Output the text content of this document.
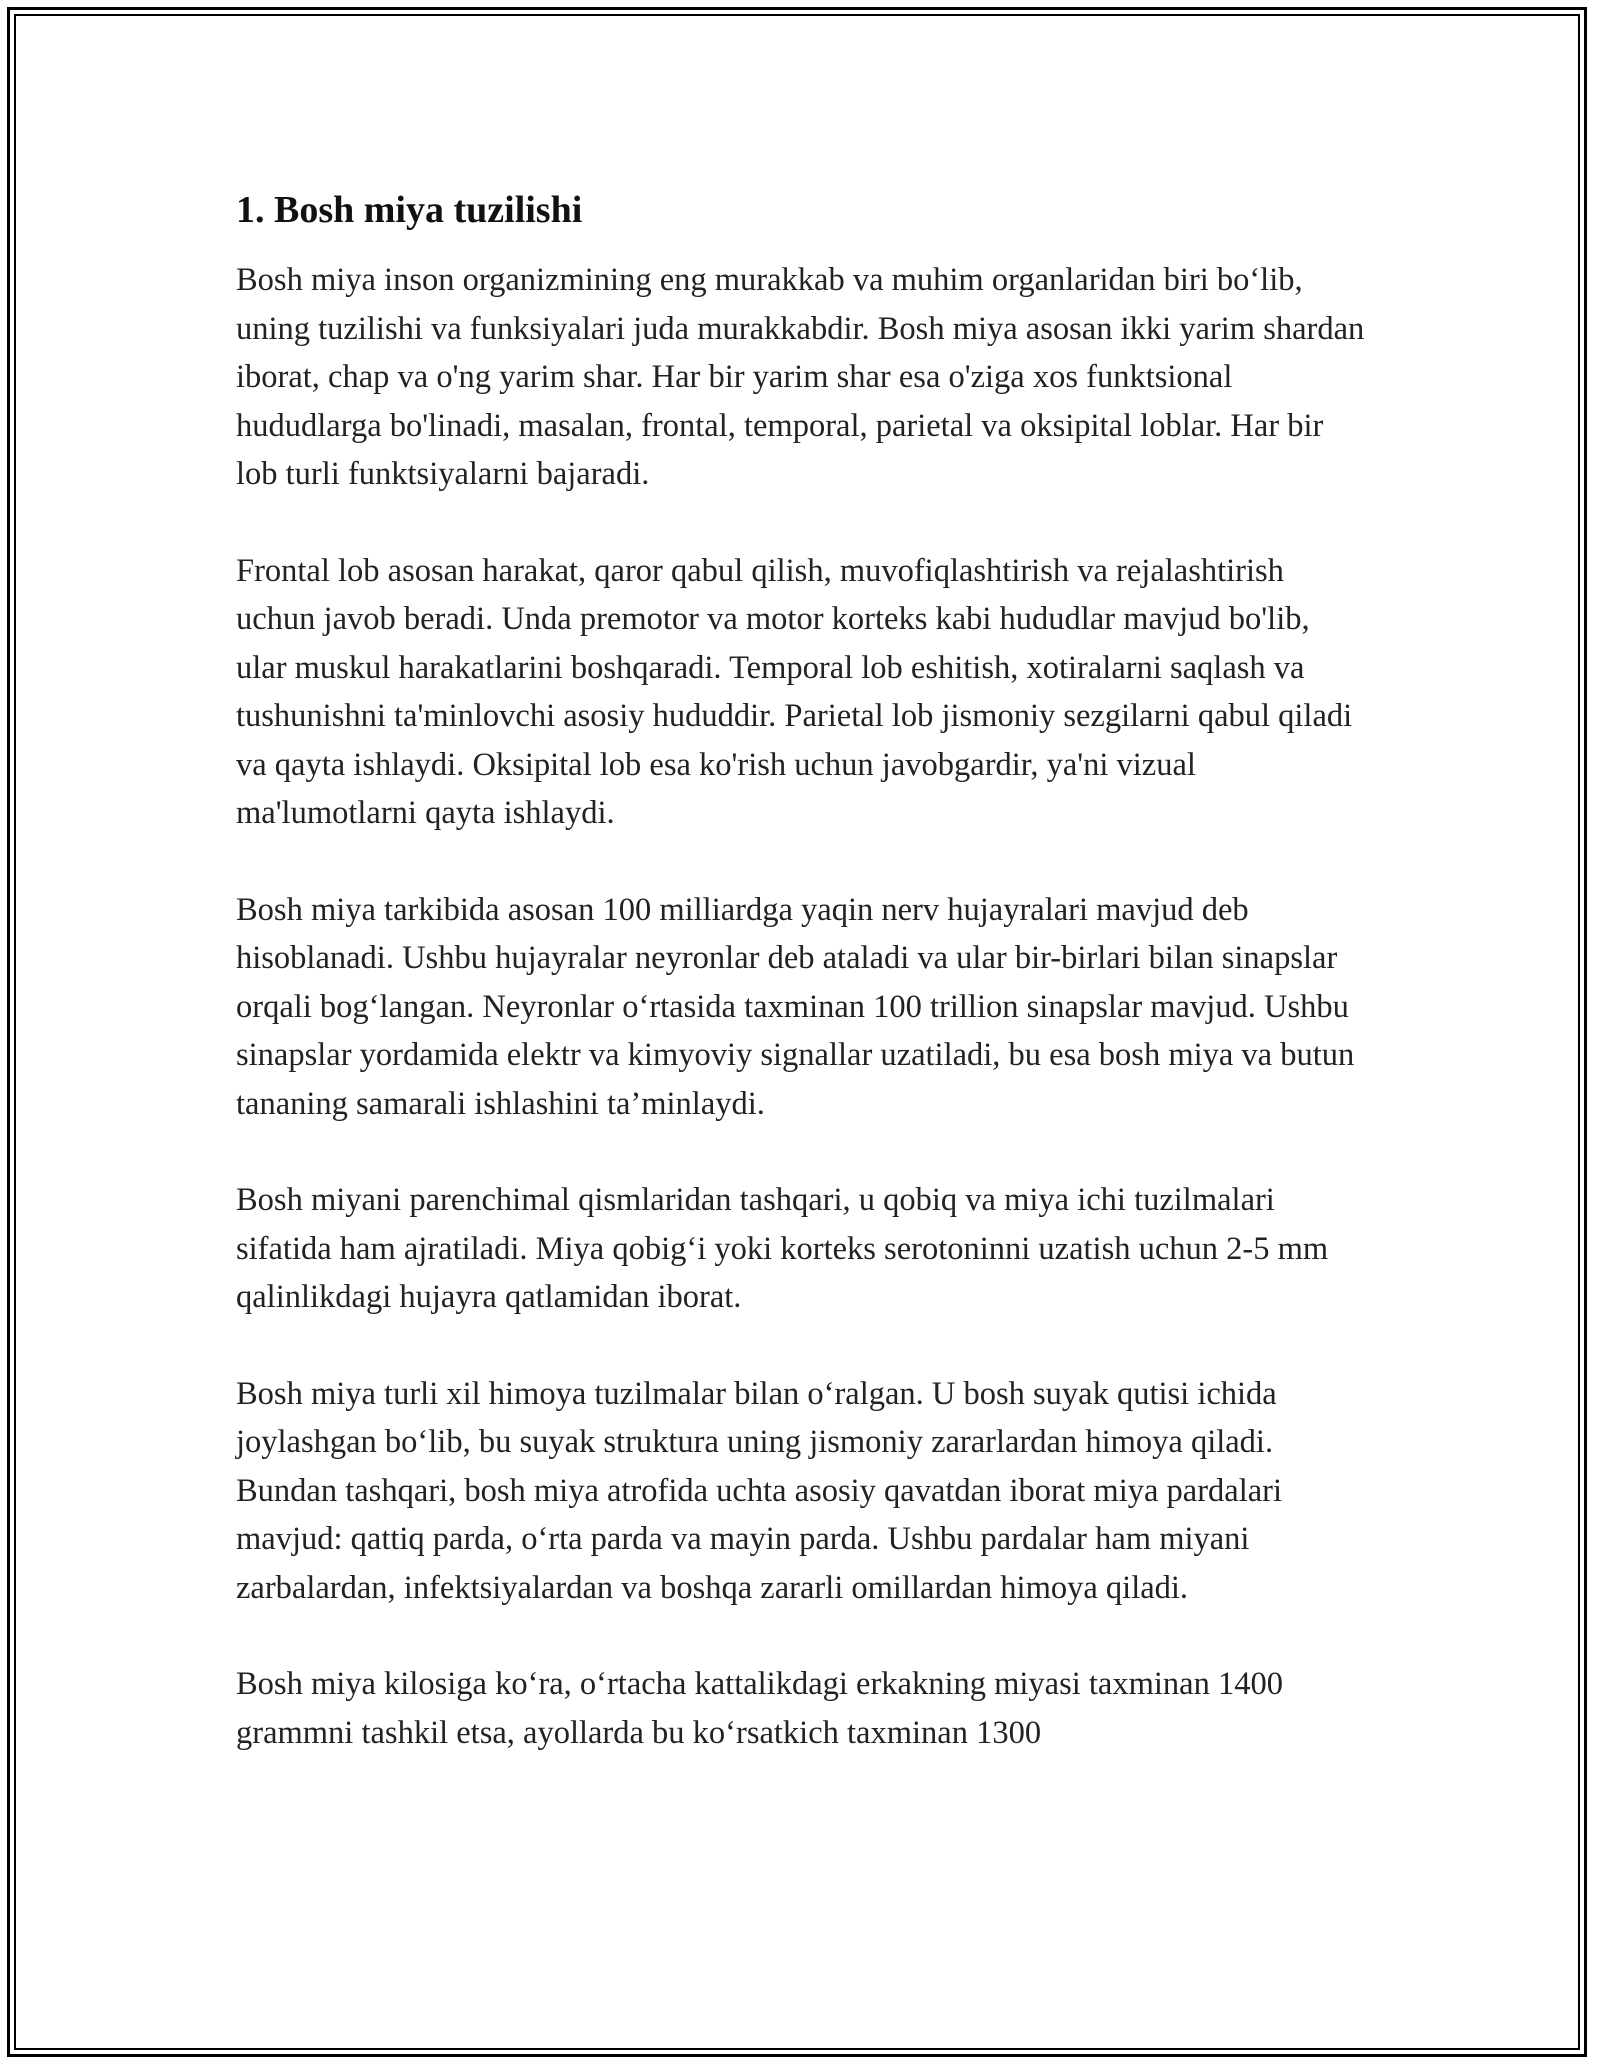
1. Bosh miya tuzilishi

Bosh miya inson organizmining eng murakkab va muhim organlaridan biri bo‘lib, uning tuzilishi va funksiyalari juda murakkabdir. Bosh miya asosan ikki yarim shardan iborat, chap va o'ng yarim shar. Har bir yarim shar esa o'ziga xos funktsional hududlarga bo'linadi, masalan, frontal, temporal, parietal va oksipital loblar. Har bir lob turli funktsiyalarni bajaradi.

Frontal lob asosan harakat, qaror qabul qilish, muvofiqlashtirish va rejalashtirish uchun javob beradi. Unda premotor va motor korteks kabi hududlar mavjud bo'lib, ular muskul harakatlarini boshqaradi. Temporal lob eshitish, xotiralarni saqlash va tushunishni ta'minlovchi asosiy hududdir. Parietal lob jismoniy sezgilarni qabul qiladi va qayta ishlaydi. Oksipital lob esa ko'rish uchun javobgardir, ya'ni vizual ma'lumotlarni qayta ishlaydi.

Bosh miya tarkibida asosan 100 milliardga yaqin nerv hujayralari mavjud deb hisoblanadi. Ushbu hujayralar neyronlar deb ataladi va ular bir-birlari bilan sinapslar orqali bog‘langan. Neyronlar o‘rtasida taxminan 100 trillion sinapslar mavjud. Ushbu sinapslar yordamida elektr va kimyoviy signallar uzatiladi, bu esa bosh miya va butun tananing samarali ishlashini ta’minlaydi.

Bosh miyani parenchimal qismlaridan tashqari, u qobiq va miya ichi tuzilmalari sifatida ham ajratiladi. Miya qobig‘i yoki korteks serotoninni uzatish uchun 2-5 mm qalinlikdagi hujayra qatlamidan iborat.

Bosh miya turli xil himoya tuzilmalar bilan o‘ralgan. U bosh suyak qutisi ichida joylashgan bo‘lib, bu suyak struktura uning jismoniy zararlardan himoya qiladi. Bundan tashqari, bosh miya atrofida uchta asosiy qavatdan iborat miya pardalari mavjud: qattiq parda, o‘rta parda va mayin parda. Ushbu pardalar ham miyani zarbalardan, infektsiyalardan va boshqa zararli omillardan himoya qiladi.

Bosh miya kilosiga ko‘ra, o‘rtacha kattalikdagi erkakning miyasi taxminan 1400 grammni tashkil etsa, ayollarda bu ko‘rsatkich taxminan 1300
